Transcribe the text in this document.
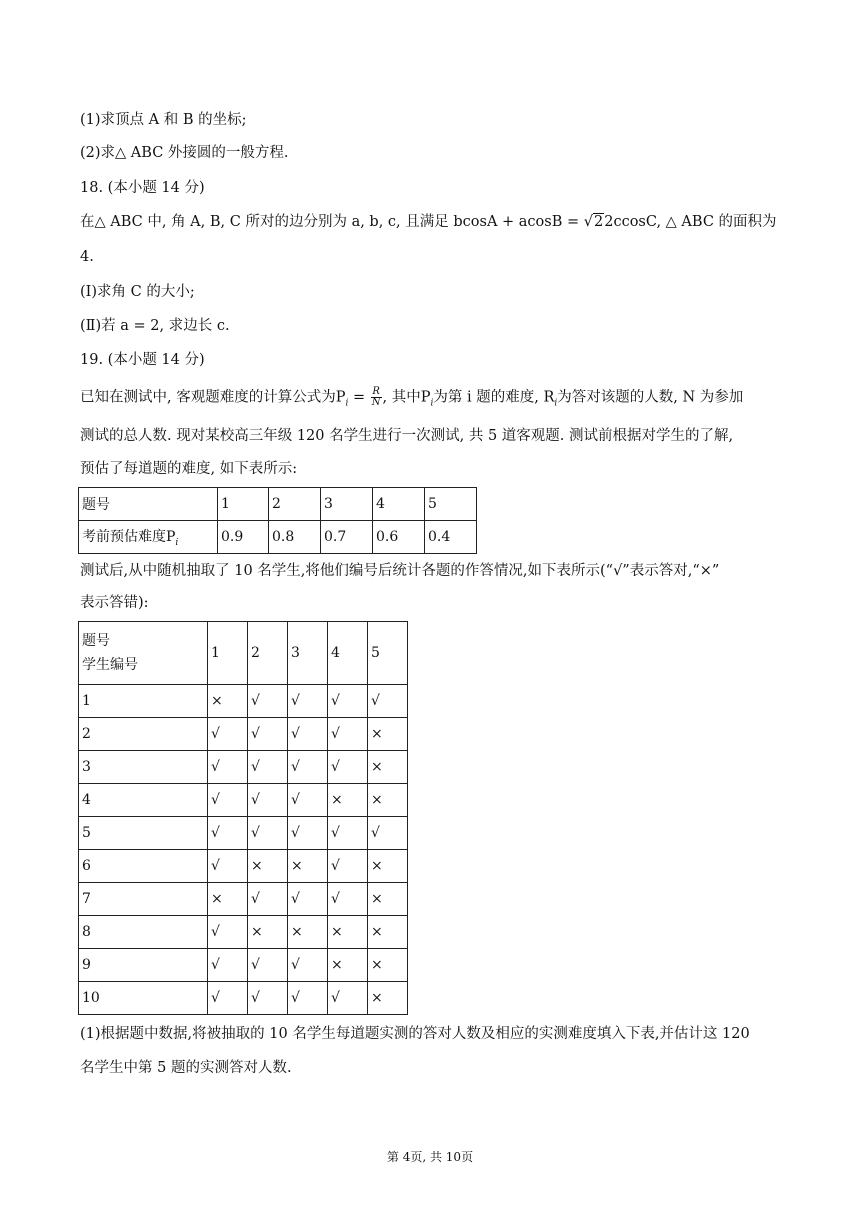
(1)求顶点 A 和 B 的坐标;
(2)求△ ABC 外接圆的一般方程.
18. (本小题 14 分)
在△ ABC 中, 角 A, B, C 所对的边分别为 a, b, c, 且满足 bcosA + acosB = √22ccosC, △ ABC 的面积为
4.
(Ⅰ)求角 C 的大小;
(Ⅱ)若 a = 2, 求边长 c.
19. (本小题 14 分)
已知在测试中, 客观题难度的计算公式为$P_i = \frac{R}{N}$ , 其中$P_i$为第 i 题的难度, $R_i$为答对该题的人数, N 为参加
测试的总人数. 现对某校高三年级 120 名学生进行一次测试, 共 5 道客观题. 测试前根据对学生的了解,
预估了每道题的难度, 如下表所示:
题号	1	2	3	4	5
考前预估难度$P_i$	0.9	0.8	0.7	0.6	0.4
测试后,从中随机抽取了 10 名学生,将他们编号后统计各题的作答情况,如下表所示(“√”表示答对,“×”
表示答错):
题号
学生编号	1	2	3	4	5
1	×	√	√	√	√
2	√	√	√	√	×
3	√	√	√	√	×
4	√	√	√	×	×
5	√	√	√	√	√
6	√	×	×	√	×
7	×	√	√	√	×
8	√	×	×	×	×
9	√	√	√	×	×
10	√	√	√	√	×
(1)根据题中数据,将被抽取的 10 名学生每道题实测的答对人数及相应的实测难度填入下表,并估计这 120
名学生中第 5 题的实测答对人数.
第 4页, 共 10页
